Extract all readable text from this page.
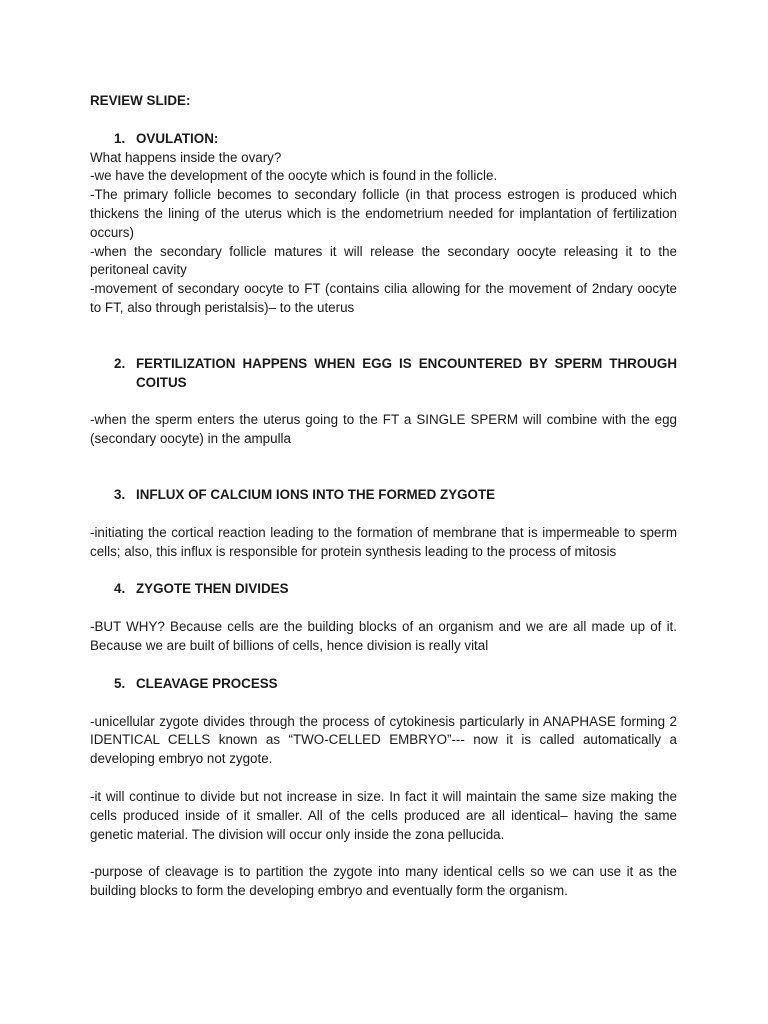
REVIEW SLIDE:

1. OVULATION:

What happens inside the ovary?

-we have the development of the oocyte which is found in the follicle.

-The primary follicle becomes to secondary follicle (in that process estrogen is produced which thickens the lining of the uterus which is the endometrium needed for implantation of fertilization occurs)

-when the secondary follicle matures it will release the secondary oocyte releasing it to the peritoneal cavity

-movement of secondary oocyte to FT (contains cilia allowing for the movement of 2ndary oocyte to FT, also through peristalsis)– to the uterus

2. FERTILIZATION HAPPENS WHEN EGG IS ENCOUNTERED BY SPERM THROUGH COITUS

-when the sperm enters the uterus going to the FT a SINGLE SPERM will combine with the egg (secondary oocyte) in the ampulla

3. INFLUX OF CALCIUM IONS INTO THE FORMED ZYGOTE

-initiating the cortical reaction leading to the formation of membrane that is impermeable to sperm cells; also, this influx is responsible for protein synthesis leading to the process of mitosis

4. ZYGOTE THEN DIVIDES

-BUT WHY? Because cells are the building blocks of an organism and we are all made up of it. Because we are built of billions of cells, hence division is really vital

5. CLEAVAGE PROCESS

-unicellular zygote divides through the process of cytokinesis particularly in ANAPHASE forming 2 IDENTICAL CELLS known as “TWO-CELLED EMBRYO”--- now it is called automatically a developing embryo not zygote.

-it will continue to divide but not increase in size. In fact it will maintain the same size making the cells produced inside of it smaller. All of the cells produced are all identical– having the same genetic material. The division will occur only inside the zona pellucida.

-purpose of cleavage is to partition the zygote into many identical cells so we can use it as the building blocks to form the developing embryo and eventually form the organism.
